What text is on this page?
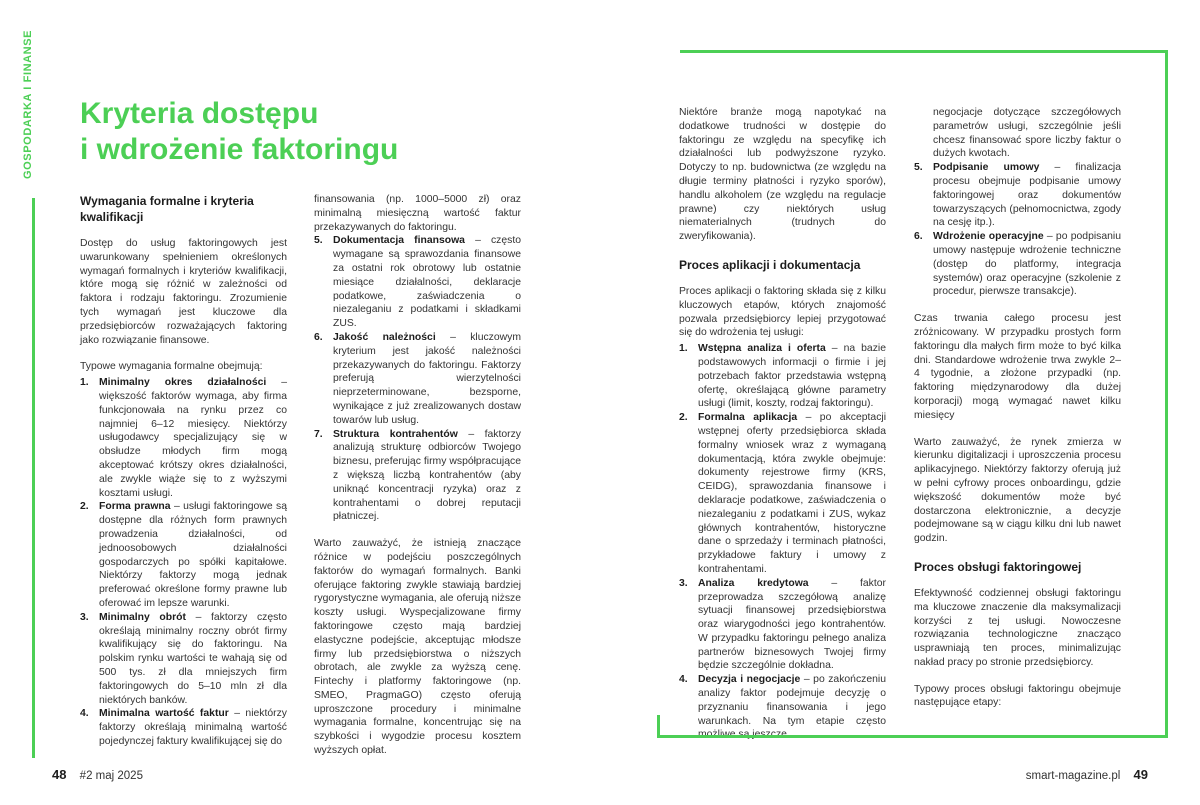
GOSPODARKA I FINANSE	Kryteria dostępu
i wdrożenie faktoringu
Wymagania formalne i kryteria kwalifikacji

Dostęp do usług faktoringowych jest uwarunkowany spełnieniem określonych wymagań formalnych i kryteriów kwalifikacji, które mogą się różnić w zależności od faktora i rodzaju faktoringu. Zrozumienie tych wymagań jest kluczowe dla przedsiębiorców rozważających faktoring jako rozwiązanie finansowe.

Typowe wymagania formalne obejmują:

1. Minimalny okres działalności – większość faktorów wymaga, aby firma funkcjonowała na rynku przez co najmniej 6–12 miesięcy. Niektórzy usługodawcy specjalizujący się w obsłudze młodych firm mogą akceptować krótszy okres działalności, ale zwykle wiąże się to z wyższymi kosztami usługi.
2. Forma prawna – usługi faktoringowe są dostępne dla różnych form prawnych prowadzenia działalności, od jednoosobowych działalności gospodarczych po spółki kapitałowe. Niektórzy faktorzy mogą jednak preferować określone formy prawne lub oferować im lepsze warunki.
3. Minimalny obrót – faktorzy często określają minimalny roczny obrót firmy kwalifikujący się do faktoringu. Na polskim rynku wartości te wahają się od 500 tys. zł dla mniejszych firm faktoringowych do 5–10 mln zł dla niektórych banków.
4. Minimalna wartość faktur – niektórzy faktorzy określają minimalną wartość pojedynczej faktury kwalifikującej się do

finansowania (np. 1000–5000 zł) oraz minimalną miesięczną wartość faktur przekazywanych do faktoringu.

5. Dokumentacja finansowa – często wymagane są sprawozdania finansowe za ostatni rok obrotowy lub ostatnie miesiące działalności, deklaracje podatkowe, zaświadczenia o niezaleganiu z podatkami i składkami ZUS.
6. Jakość należności – kluczowym kryterium jest jakość należności przekazywanych do faktoringu. Faktorzy preferują wierzytelności nieprzeterminowane, bezsporne, wynikające z już zrealizowanych dostaw towarów lub usług.
7. Struktura kontrahentów – faktorzy analizują strukturę odbiorców Twojego biznesu, preferując firmy współpracujące z większą liczbą kontrahentów (aby uniknąć koncentracji ryzyka) oraz z kontrahentami o dobrej reputacji płatniczej.

Warto zauważyć, że istnieją znaczące różnice w podejściu poszczególnych faktorów do wymagań formalnych. Banki oferujące faktoring zwykle stawiają bardziej rygorystyczne wymagania, ale oferują niższe koszty usługi. Wyspecjalizowane firmy faktoringowe często mają bardziej elastyczne podejście, akceptując młodsze firmy lub przedsiębiorstwa o niższych obrotach, ale zwykle za wyższą cenę. Fintechy i platformy faktoringowe (np. SMEO, PragmaGO) często oferują uproszczone procedury i minimalne wymagania formalne, koncentrując się na szybkości i wygodzie procesu kosztem wyższych opłat.

Niektóre branże mogą napotykać na dodatkowe trudności w dostępie do faktoringu ze względu na specyfikę ich działalności lub podwyższone ryzyko. Dotyczy to np. budownictwa (ze względu na długie terminy płatności i ryzyko sporów), handlu alkoholem (ze względu na regulacje prawne) czy niektórych usług niematerialnych (trudnych do zweryfikowania).

Proces aplikacji i dokumentacja

Proces aplikacji o faktoring składa się z kilku kluczowych etapów, których znajomość pozwala przedsiębiorcy lepiej przygotować się do wdrożenia tej usługi:

1. Wstępna analiza i oferta – na bazie podstawowych informacji o firmie i jej potrzebach faktor przedstawia wstępną ofertę, określającą główne parametry usługi (limit, koszty, rodzaj faktoringu).
2. Formalna aplikacja – po akceptacji wstępnej oferty przedsiębiorca składa formalny wniosek wraz z wymaganą dokumentacją, która zwykle obejmuje: dokumenty rejestrowe firmy (KRS, CEIDG), sprawozdania finansowe i deklaracje podatkowe, zaświadczenia o niezaleganiu z podatkami i ZUS, wykaz głównych kontrahentów, historyczne dane o sprzedaży i terminach płatności, przykładowe faktury i umowy z kontrahentami.
3. Analiza kredytowa – faktor przeprowadza szczegółową analizę sytuacji finansowej przedsiębiorstwa oraz wiarygodności jego kontrahentów. W przypadku faktoringu pełnego analiza partnerów biznesowych Twojej firmy będzie szczególnie dokładna.
4. Decyzja i negocjacje – po zakończeniu analizy faktor podejmuje decyzję o przyznaniu finansowania i jego warunkach. Na tym etapie często

negocjacje dotyczące szczegółowych parametrów usługi, szczególnie jeśli chcesz finansować spore liczby faktur o dużych kwotach.

5. Podpisanie umowy – finalizacja procesu obejmuje podpisanie umowy faktoringowej oraz dokumentów towarzyszących (pełnomocnictwa, zgody na cesję itp.).
6. Wdrożenie operacyjne – po podpisaniu umowy następuje wdrożenie techniczne (dostęp do platformy, integracja systemów) oraz operacyjne (szkolenie z procedur, pierwsze transakcje).

Czas trwania całego procesu jest zróżnicowany. W przypadku prostych form faktoringu dla małych firm może to być kilka dni. Standardowe wdrożenie trwa zwykle 2–4 tygodnie, a złożone przypadki (np. faktoring międzynarodowy dla dużej korporacji) mogą wymagać nawet kilku miesięcy

Warto zauważyć, że rynek zmierza w kierunku digitalizacji i uproszczenia procesu aplikacyjnego. Niektórzy faktorzy oferują już w pełni cyfrowy proces onboardingu, gdzie większość dokumentów może być dostarczona elektronicznie, a decyzje podejmowane są w ciągu kilku dni lub nawet godzin.

Proces obsługi faktoringowej

Efektywność codziennej obsługi faktoringu ma kluczowe znaczenie dla maksymalizacji korzyści z tej usługi. Nowoczesne rozwiązania technologiczne znacząco usprawniają ten proces, minimalizując nakład pracy po stronie przedsiębiorcy.

Typowy proces obsługi faktoringu obejmuje następujące etapy:

48 #2 maj 2025	smart-magazine.pl 49
